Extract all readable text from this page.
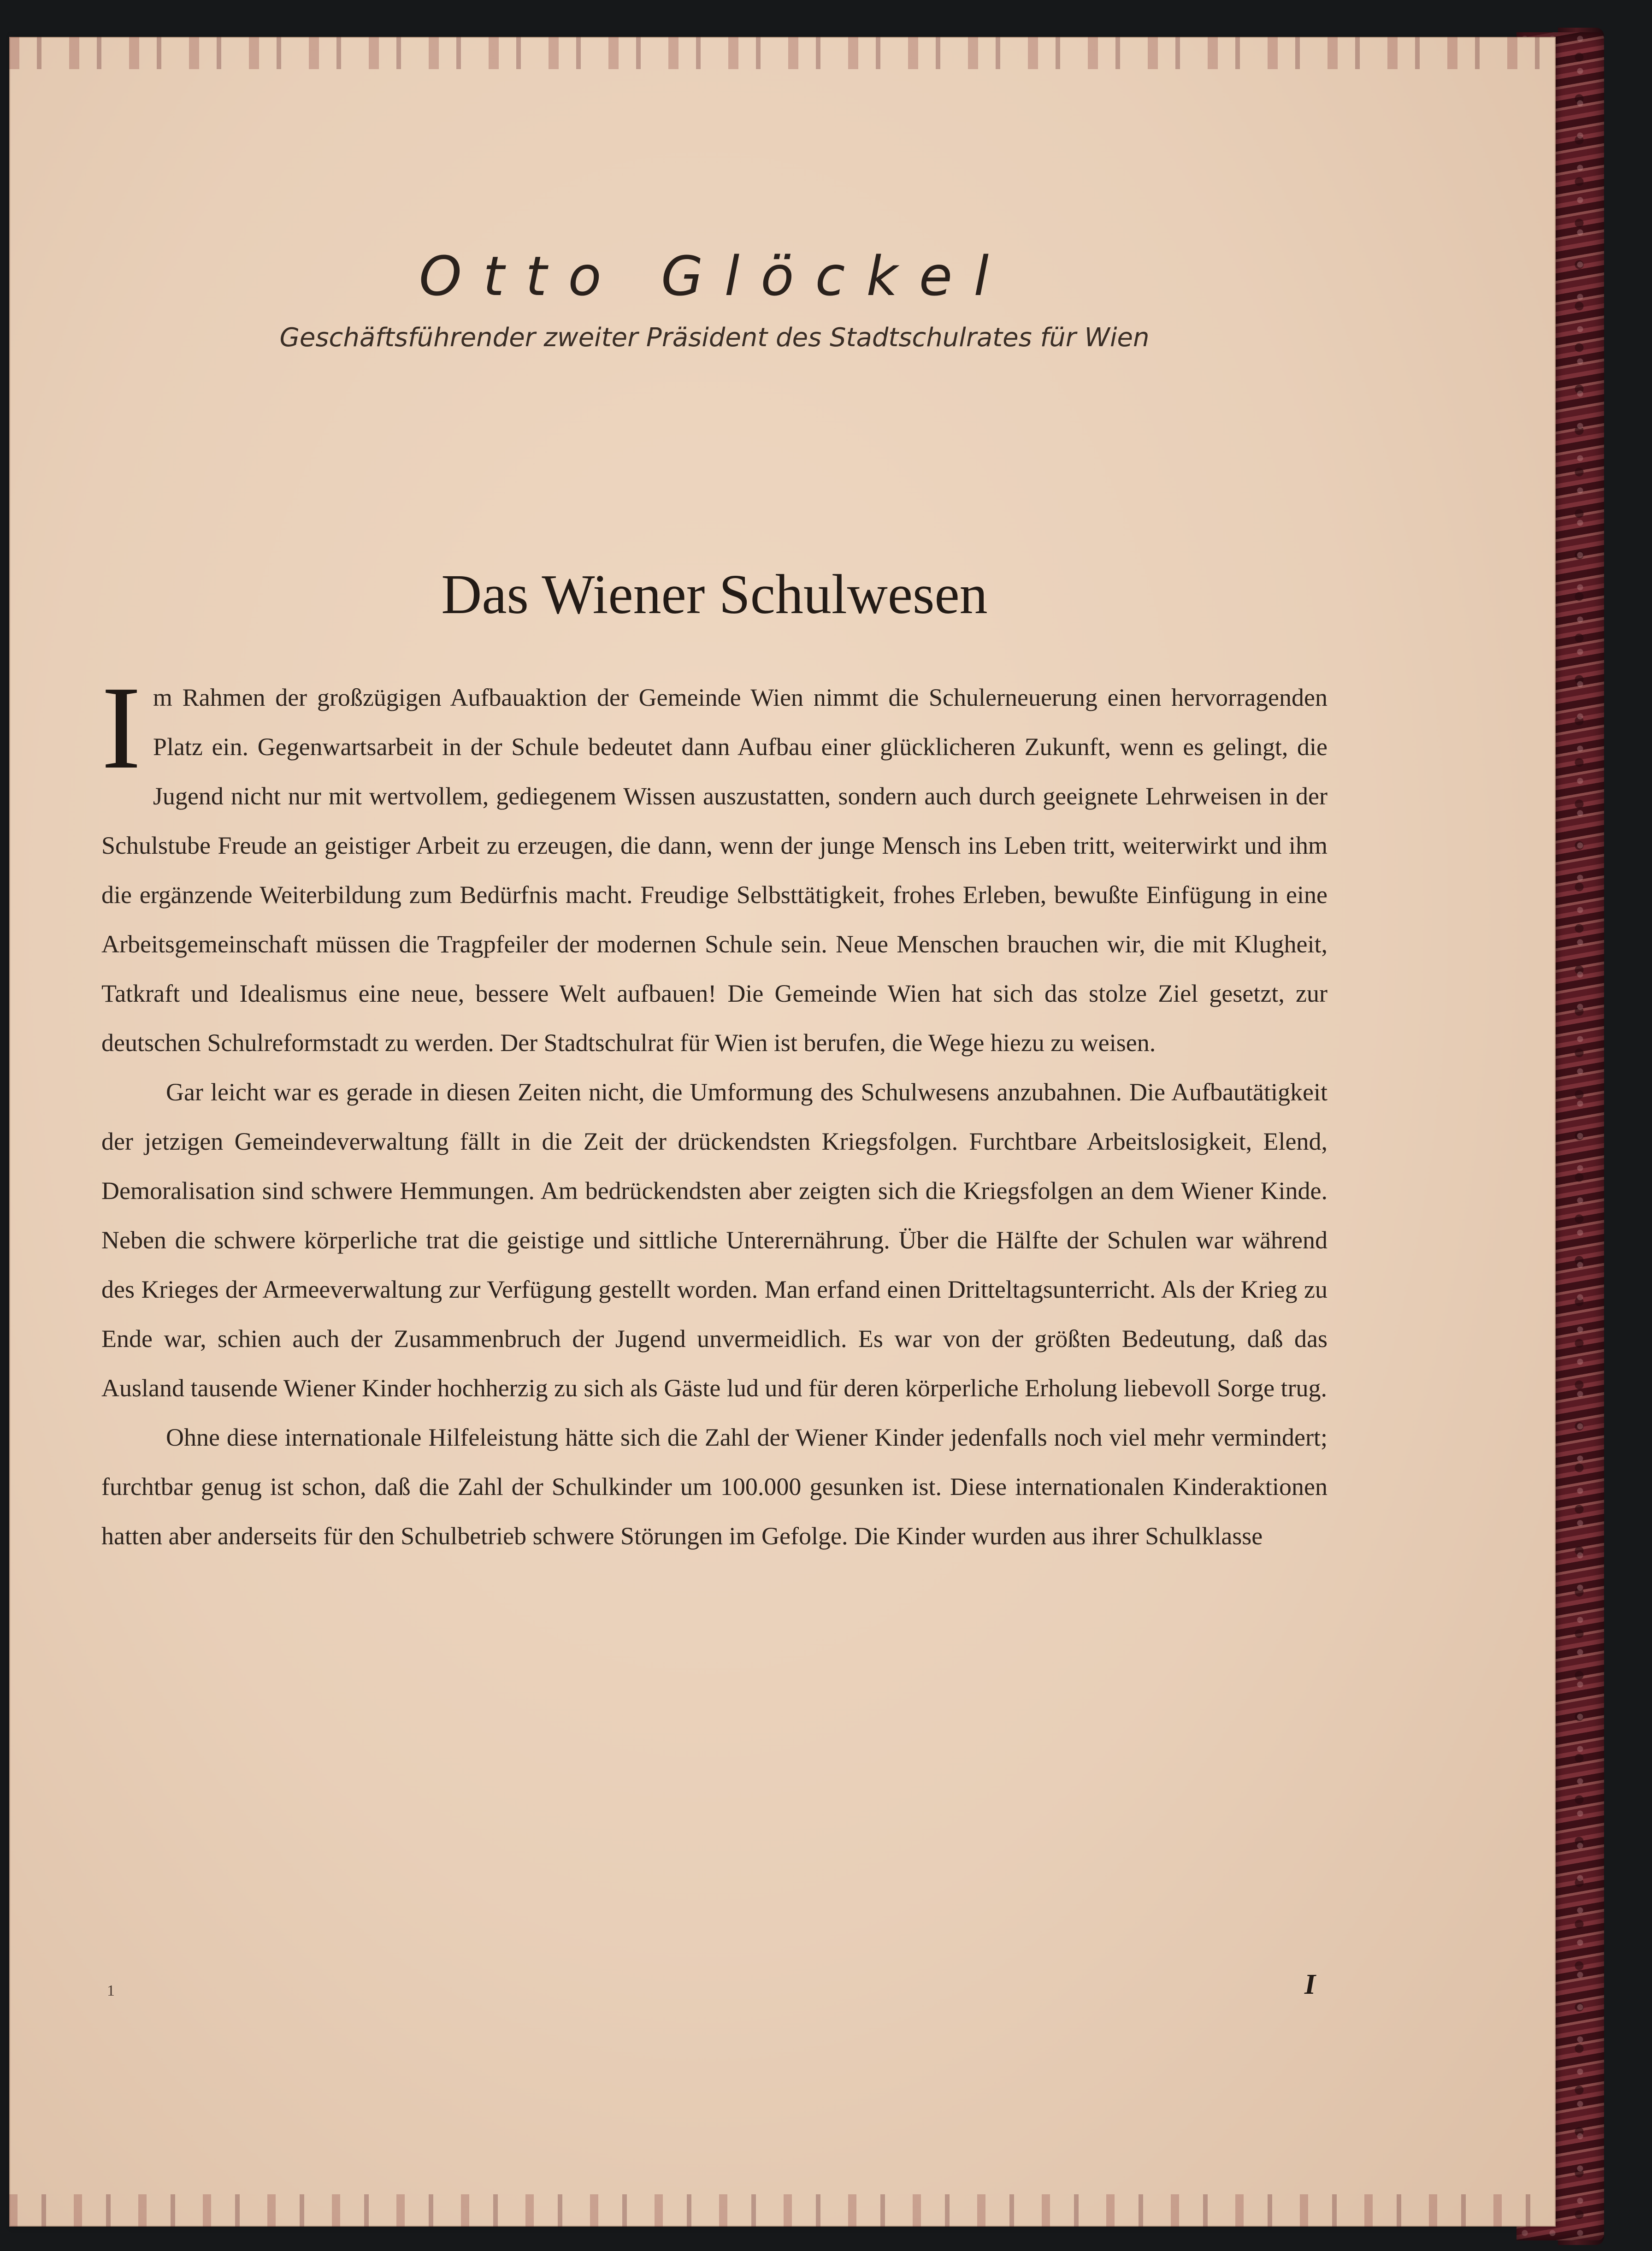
Otto Glöckel
Geschäftsführender zweiter Präsident des Stadtschulrates für Wien
Das Wiener Schulwesen

Im Rahmen der großzügigen Aufbauaktion der Gemeinde Wien nimmt die Schulerneuerung einen hervorragenden Platz ein. Gegenwartsarbeit in der Schule bedeutet dann Aufbau einer glücklicheren Zukunft, wenn es gelingt, die Jugend nicht nur mit wertvollem, gediegenem Wissen auszustatten, sondern auch durch geeignete Lehrweisen in der Schulstube Freude an geistiger Arbeit zu erzeugen, die dann, wenn der junge Mensch ins Leben tritt, weiterwirkt und ihm die ergänzende Weiterbildung zum Bedürfnis macht. Freudige Selbsttätigkeit, frohes Erleben, bewußte Einfügung in eine Arbeitsgemeinschaft müssen die Tragpfeiler der modernen Schule sein. Neue Menschen brauchen wir, die mit Klugheit, Tatkraft und Idealismus eine neue, bessere Welt aufbauen! Die Gemeinde Wien hat sich das stolze Ziel gesetzt, zur deutschen Schulreformstadt zu werden. Der Stadtschulrat für Wien ist berufen, die Wege hiezu zu weisen.

Gar leicht war es gerade in diesen Zeiten nicht, die Umformung des Schulwesens anzubahnen. Die Aufbautätigkeit der jetzigen Gemeindeverwaltung fällt in die Zeit der drückendsten Kriegsfolgen. Furchtbare Arbeitslosigkeit, Elend, Demoralisation sind schwere Hemmungen. Am bedrückendsten aber zeigten sich die Kriegsfolgen an dem Wiener Kinde. Neben die schwere körperliche trat die geistige und sittliche Unterernährung. Über die Hälfte der Schulen war während des Krieges der Armeeverwaltung zur Verfügung gestellt worden. Man erfand einen Dritteltagsunterricht. Als der Krieg zu Ende war, schien auch der Zusammenbruch der Jugend unvermeidlich. Es war von der größten Bedeutung, daß das Ausland tausende Wiener Kinder hochherzig zu sich als Gäste lud und für deren körperliche Erholung liebevoll Sorge trug.

Ohne diese internationale Hilfeleistung hätte sich die Zahl der Wiener Kinder jedenfalls noch viel mehr vermindert; furchtbar genug ist schon, daß die Zahl der Schulkinder um 100.000 gesunken ist. Diese internationalen Kinderaktionen hatten aber anderseits für den Schulbetrieb schwere Störungen im Gefolge. Die Kinder wurden aus ihrer Schulklasse

1	I
